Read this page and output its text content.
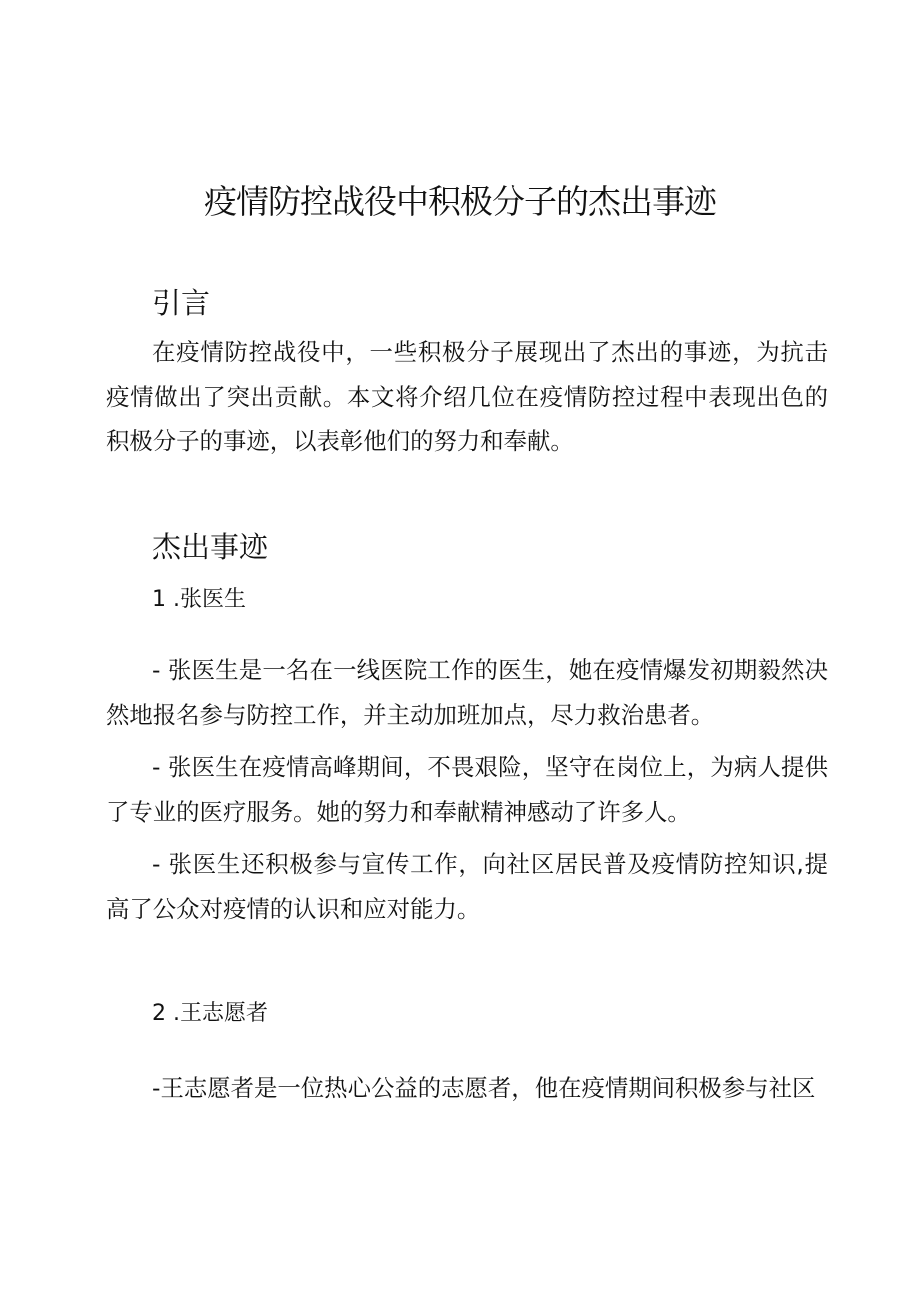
疫情防控战役中积极分子的杰出事迹
引言

在疫情防控战役中，一些积极分子展现出了杰出的事迹，为抗击疫情做出了突出贡献。本文将介绍几位在疫情防控过程中表现出色的积极分子的事迹，以表彰他们的努力和奉献。

杰出事迹
1 .张医生

- 张医生是一名在一线医院工作的医生，她在疫情爆发初期毅然决然地报名参与防控工作，并主动加班加点，尽力救治患者。

- 张医生在疫情高峰期间，不畏艰险，坚守在岗位上，为病人提供了专业的医疗服务。她的努力和奉献精神感动了许多人。

- 张医生还积极参与宣传工作，向社区居民普及疫情防控知识,提高了公众对疫情的认识和应对能力。

2 .王志愿者

-王志愿者是一位热心公益的志愿者，他在疫情期间积极参与社区
